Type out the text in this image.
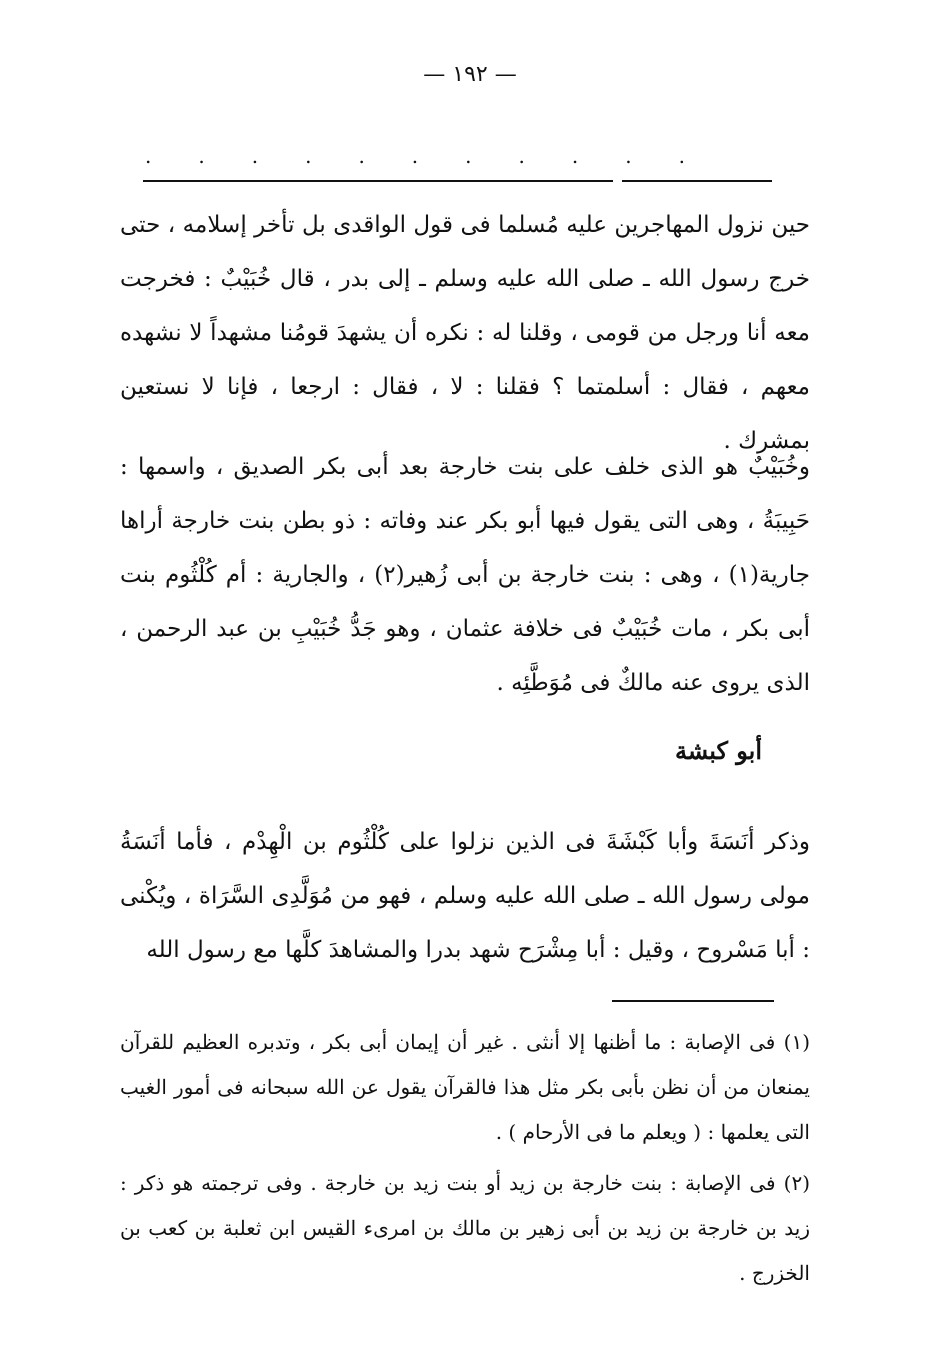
— ١٩٢ —
. . . . . . . . . . .

حين نزول المهاجرين عليه مُسلما فى قول الواقدى بل تأخر إسلامه ، حتى خرج رسول الله ـ صلى الله عليه وسلم ـ إلى بدر ، قال خُبَيْبٌ : فخرجت معه أنا ورجل من قومى ، وقلنا له : نكره أن يشهدَ قومُنا مشهداً لا نشهده معهم ، فقال : أسلمتما ؟ فقلنا : لا ، فقال : ارجعا ، فإنا لا نستعين بمشرك .

وخُبَيْبٌ هو الذى خلف على بنت خارجة بعد أبى بكر الصديق ، واسمها : حَبِيبَةُ ، وهى التى يقول فيها أبو بكر عند وفاته : ذو بطن بنت خارجة أراها جارية(١) ، وهى : بنت خارجة بن أبى زُهير(٢) ، والجارية : أم كُلْثُوم بنت أبى بكر ، مات خُبَيْبٌ فى خلافة عثمان ، وهو جَدُّ خُبَيْبِ بن عبد الرحمن ، الذى يروى عنه مالكٌ فى مُوَطَّئِه .

أبو كبشة

وذكر أنَسَةَ وأبا كَبْشَةَ فى الذين نزلوا على كُلْثُوم بن الْهِدْم ، فأما أنَسَةُ مولى رسول الله ـ صلى الله عليه وسلم ، فهو من مُوَلَّدِى السَّرَاة ، ويُكْنى : أبا مَسْروح ، وقيل : أبا مِشْرَح شهد بدرا والمشاهدَ كلَّها مع رسول الله

(١) فى الإصابة : ما أظنها إلا أنثى . غير أن إيمان أبى بكر ، وتدبره العظيم للقرآن يمنعان من أن نظن بأبى بكر مثل هذا فالقرآن يقول عن الله سبحانه فى أمور الغيب التى يعلمها : ( ويعلم ما فى الأرحام ) .

(٢) فى الإصابة : بنت خارجة بن زيد أو بنت زيد بن خارجة . وفى ترجمته هو ذكر : زيد بن خارجة بن زيد بن أبى زهير بن مالك بن امرىء القيس ابن ثعلبة بن كعب بن الخزرج .
